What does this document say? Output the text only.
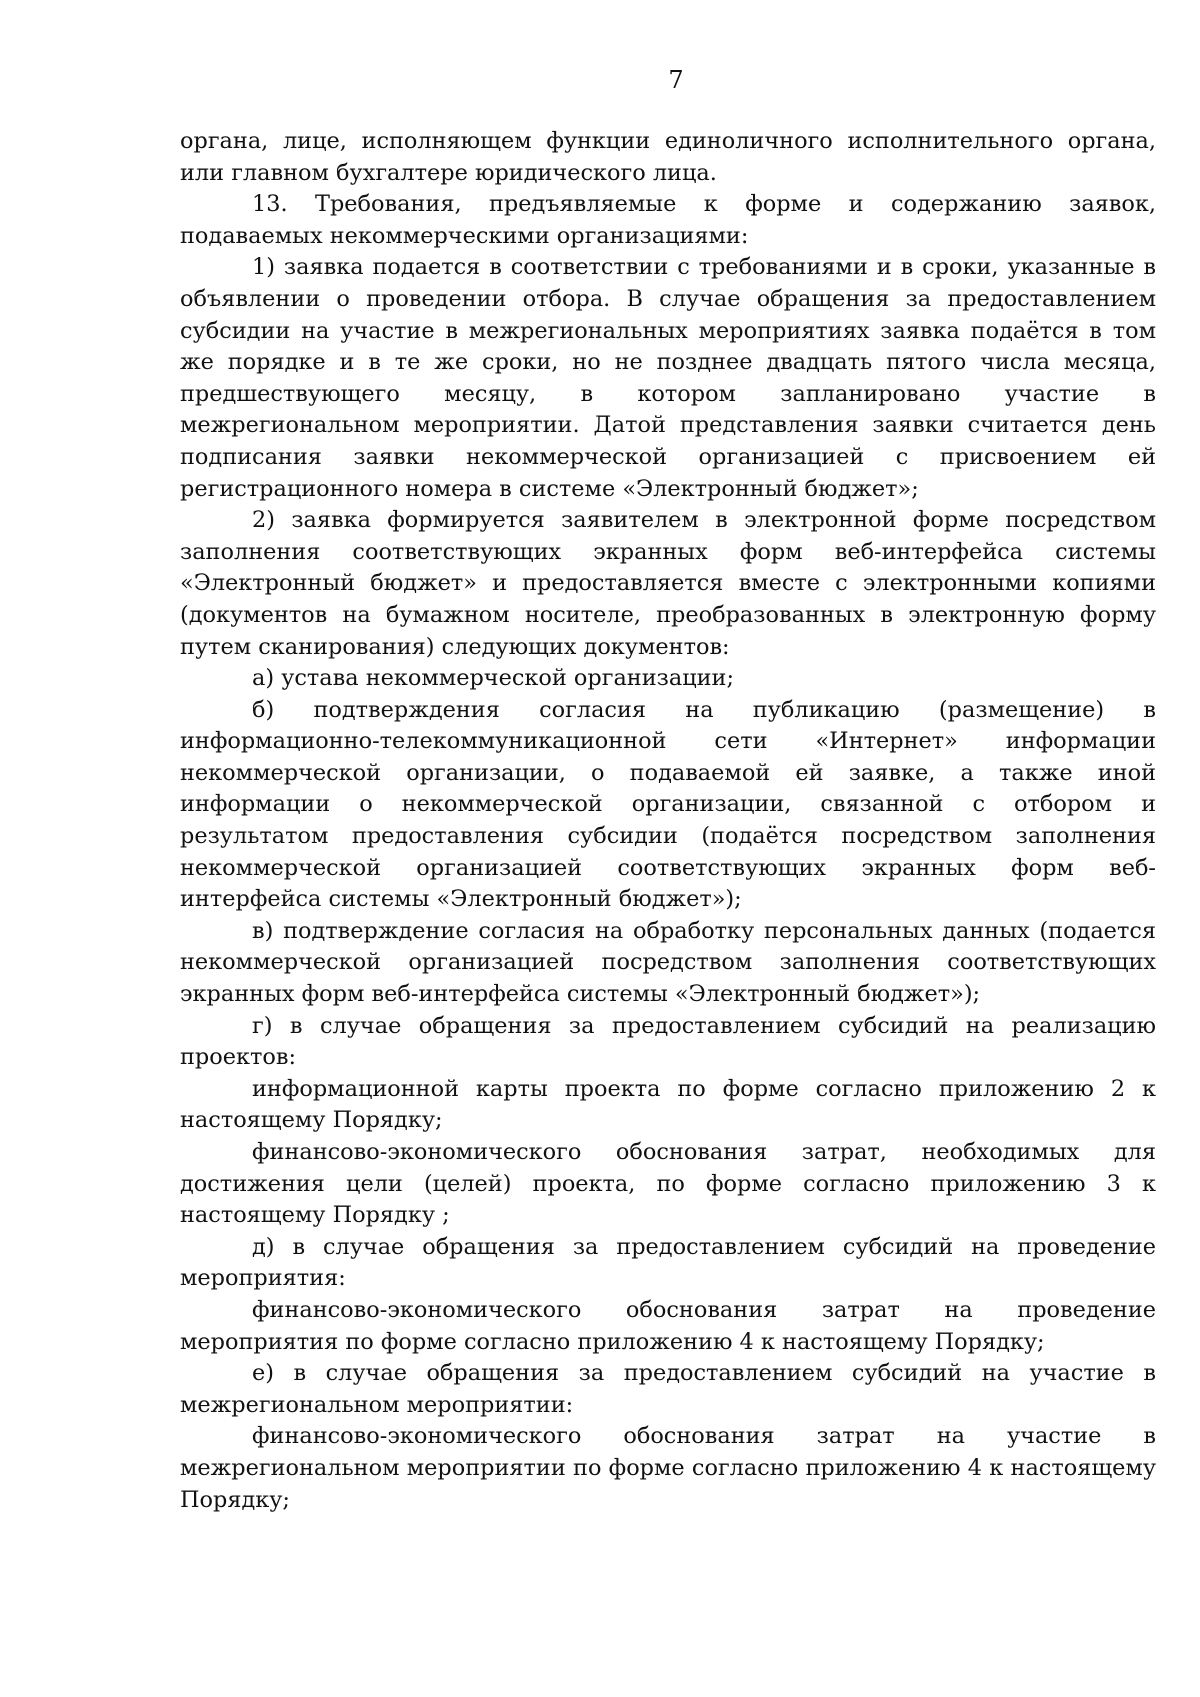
7

органа, лице, исполняющем функции единоличного исполнительного органа, или главном бухгалтере юридического лица.

13. Требования, предъявляемые к форме и содержанию заявок, подаваемых некоммерческими организациями:

1) заявка подается в соответствии с требованиями и в сроки, указанные в объявлении о проведении отбора. В случае обращения за предоставлением субсидии на участие в межрегиональных мероприятиях заявка подаётся в том же порядке и в те же сроки, но не позднее двадцать пятого числа месяца, предшествующего месяцу, в котором запланировано участие в межрегиональном мероприятии. Датой представления заявки считается день подписания заявки некоммерческой организацией с присвоением ей регистрационного номера в системе «Электронный бюджет»;

2) заявка формируется заявителем в электронной форме посредством заполнения соответствующих экранных форм веб-интерфейса системы «Электронный бюджет» и предоставляется вместе с электронными копиями (документов на бумажном носителе, преобразованных в электронную форму путем сканирования) следующих документов:

а) устава некоммерческой организации;

б) подтверждения согласия на публикацию (размещение) в информационно-телекоммуникационной сети «Интернет» информации некоммерческой организации, о подаваемой ей заявке, а также иной информации о некоммерческой организации, связанной с отбором и результатом предоставления субсидии (подаётся посредством заполнения некоммерческой организацией соответствующих экранных форм веб-интерфейса системы «Электронный бюджет»);

в) подтверждение согласия на обработку персональных данных (подается некоммерческой организацией посредством заполнения соответствующих экранных форм веб-интерфейса системы «Электронный бюджет»);

г) в случае обращения за предоставлением субсидий на реализацию проектов:

информационной карты проекта по форме согласно приложению 2 к настоящему Порядку;

финансово-экономического обоснования затрат, необходимых для достижения цели (целей) проекта, по форме согласно приложению 3 к настоящему Порядку ;

д) в случае обращения за предоставлением субсидий на проведение мероприятия:

финансово-экономического обоснования затрат на проведение мероприятия по форме согласно приложению 4 к настоящему Порядку;

е) в случае обращения за предоставлением субсидий на участие в межрегиональном мероприятии:

финансово-экономического обоснования затрат на участие в межрегиональном мероприятии по форме согласно приложению 4 к настоящему Порядку;
